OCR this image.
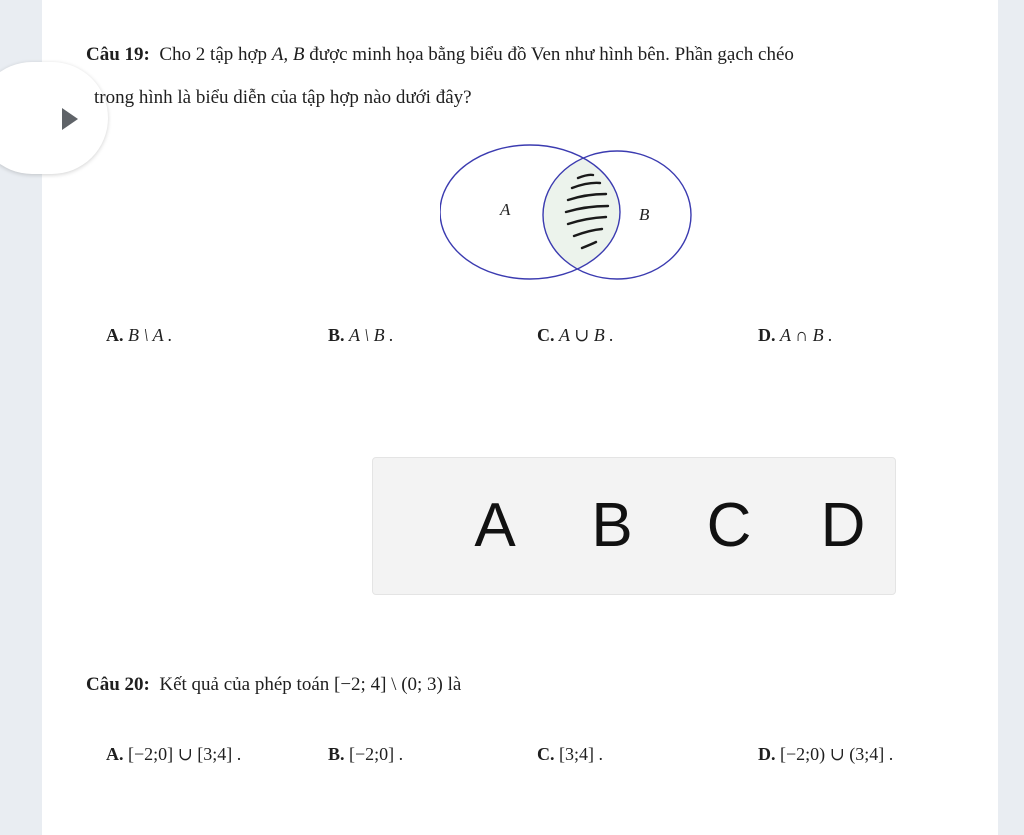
Câu 19: Cho 2 tập hợp A, B được minh họa bằng biểu đồ Ven như hình bên. Phần gạch chéo
trong hình là biểu diễn của tập hợp nào dưới đây?
A	B
A. B \ A .	B. A \ B .	C. A ∪ B .	D. A ∩ B .
A	B	C D
Câu 20: Kết quả của phép toán [−2; 4] \ (0; 3) là
A. [−2;0] ∪ [3;4] .	B. [−2;0] .	C. [3;4] .	D. [−2;0) ∪ (3;4] .
